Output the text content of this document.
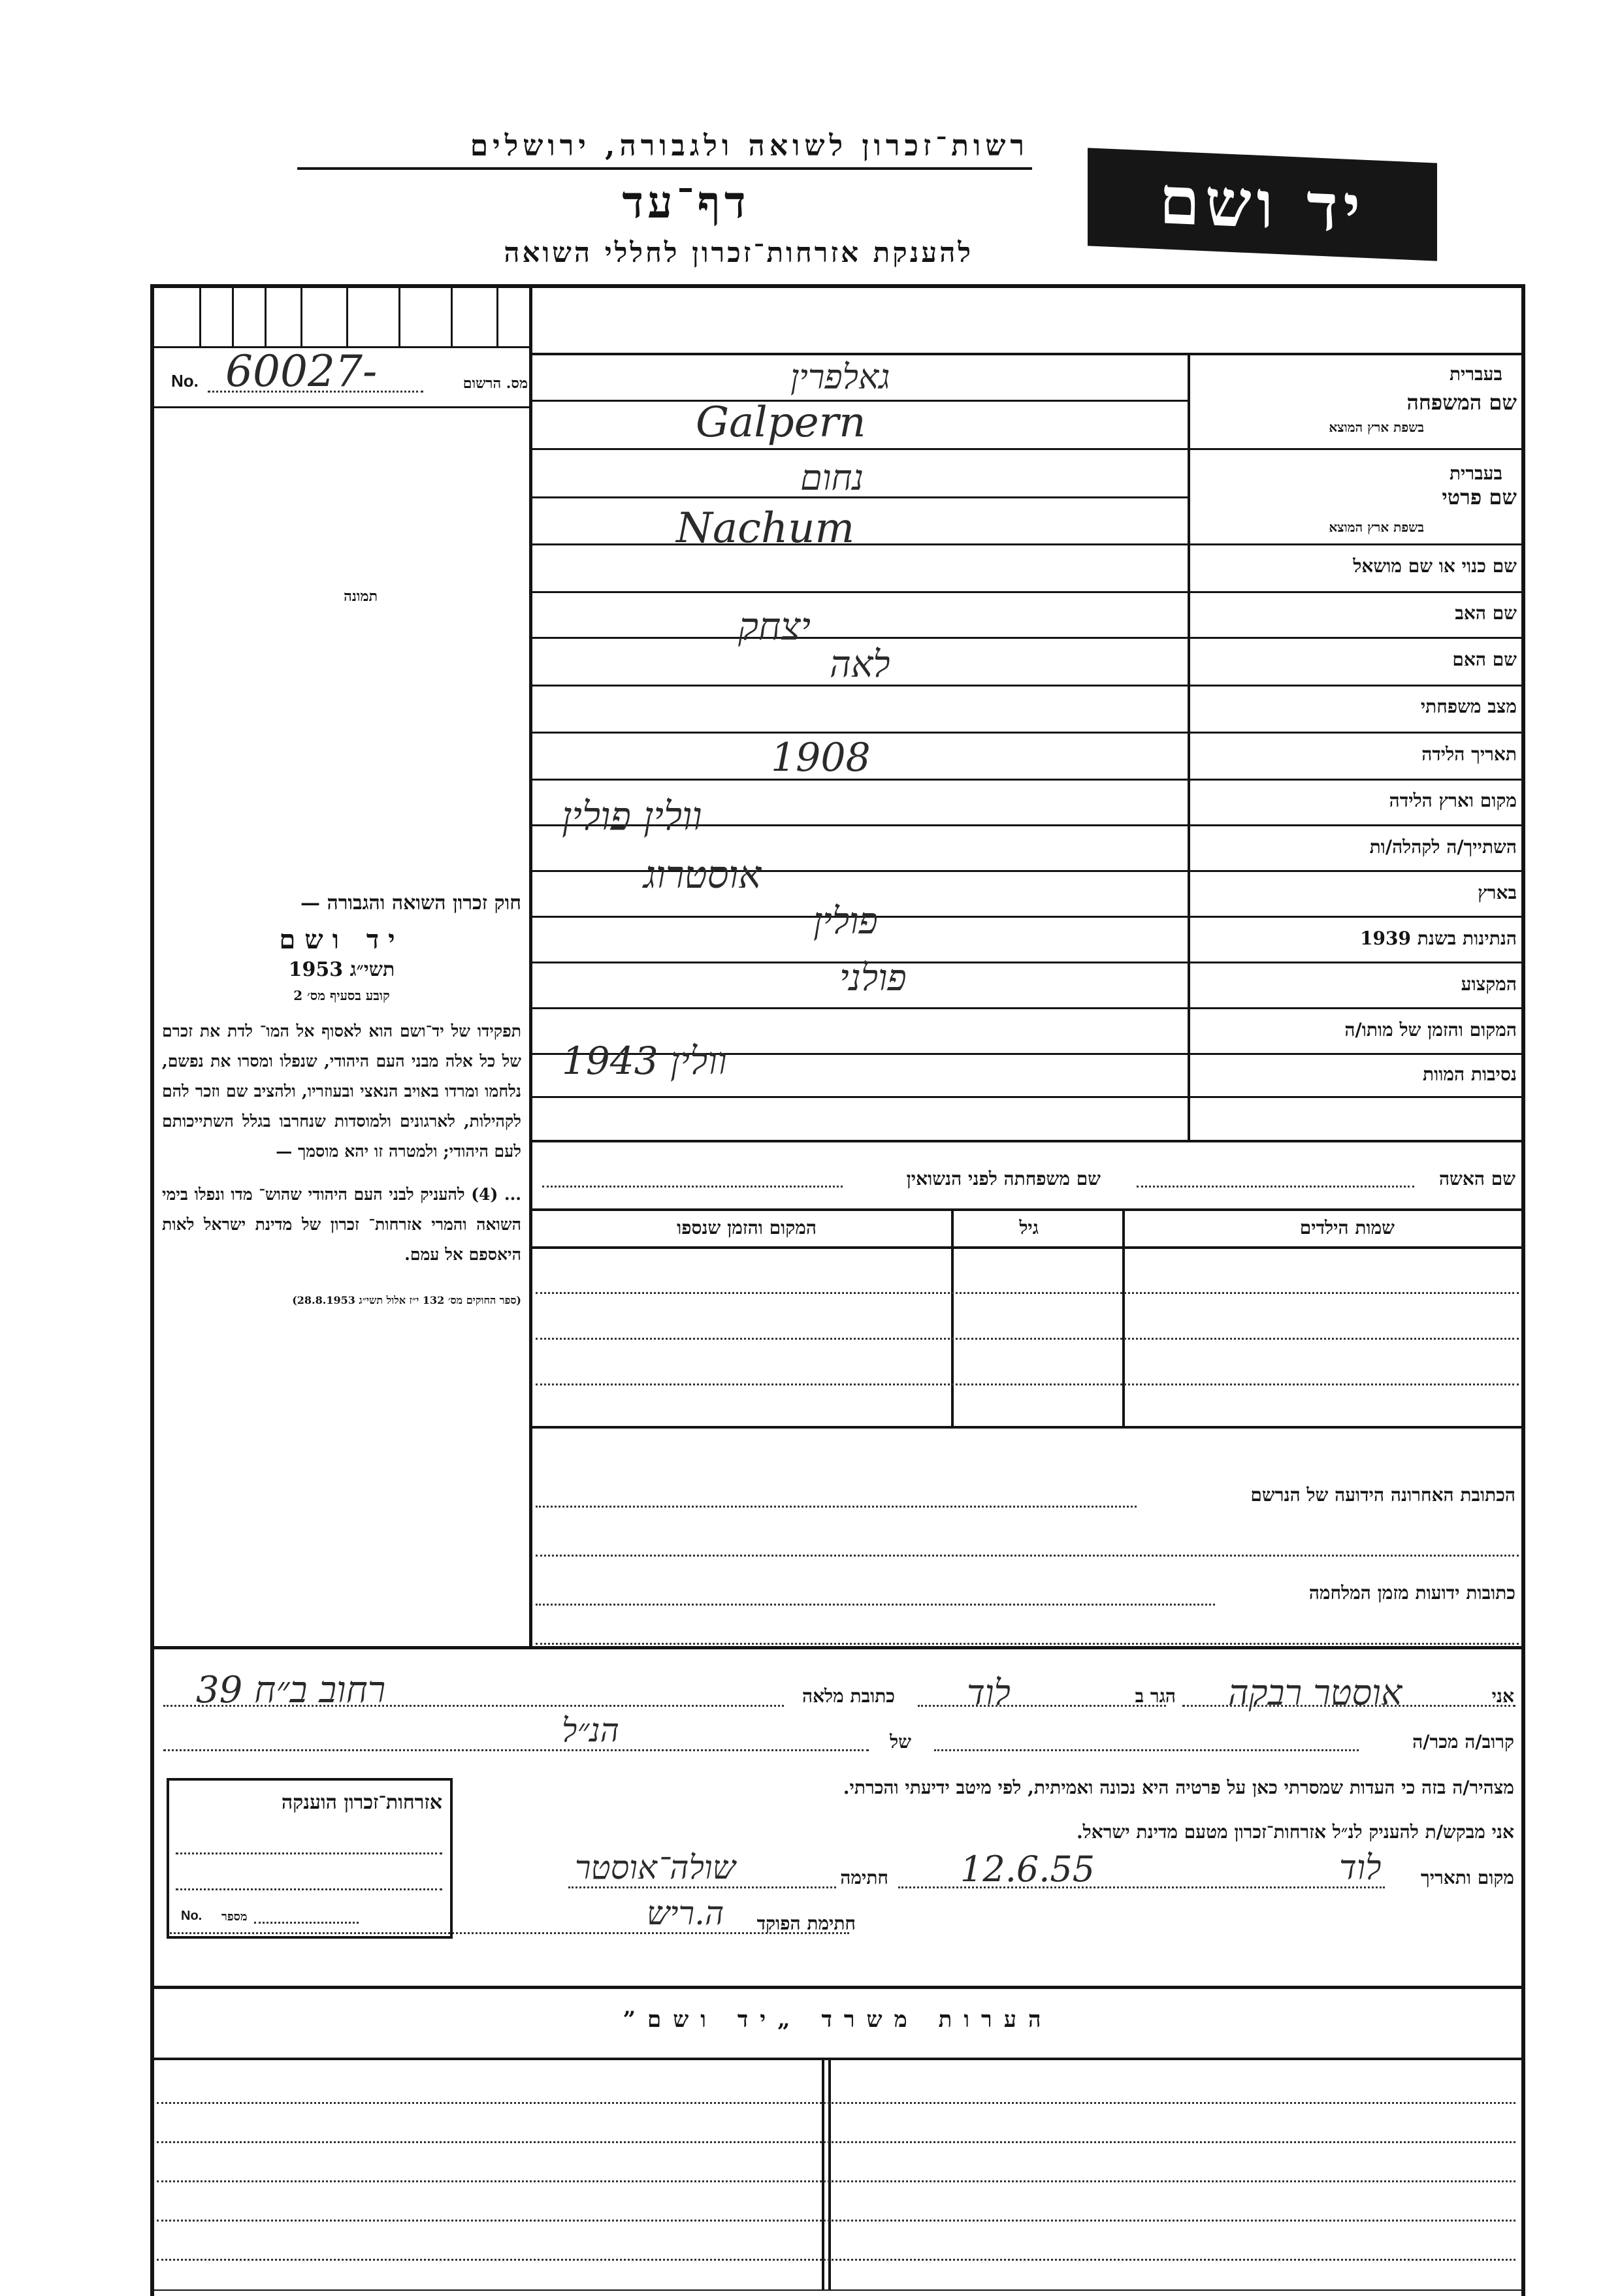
רשות־זכרון לשואה ולגבורה, ירושלים
דף־עד
להענקת אזרחות־זכרון לחללי השואה
יד ושם
No. 60027-	מס. הרשום
תמונה

חוק זכרון השואה והגבורה —

יד ושם

תשי״ג 1953

קובע בסעיף מס׳ 2

תפקידו של יד־ושם הוא לאסוף אל המו־ לדת את זכרם של כל אלה מבני העם היהודי, שנפלו ומסרו את נפשם, נלחמו ומרדו באויב הנאצי ובעוזריו, ולהציב שם וזכר להם לקהילות, לארגונים ולמוסדות שנחרבו בגלל השתייכותם לעם היהודי; ולמטרה זו יהא מוסמך —

... (4) להעניק לבני העם היהודי שהוש־ מדו ונפלו בימי השואה והמרי אזרחות־ זכרון של מדינת ישראל לאות היאספם אל עמם.

(ספר החוקים מס׳ 132 י״ז אלול תשי״ג 28.8.1953)

בעברית
שם המשפחה
בשפת ארץ המוצא
בעברית
שם פרטי
בשפת ארץ המוצא
שם כנוי או שם מושאל
שם האב
שם האם
מצב משפחתי
תאריך הלידה
מקום וארץ הלידה
השתייך/ה לקהלה/ות
בארץ
הנתינות בשנת 1939
המקצוע
המקום והזמן של מותו/ה
נסיבות המוות
גאלפרין
Galpern
נחום
Nachum
יצחק
לאה
1908
וולין פולין
אוסטרוג
פולין
פולני
וולין 1943
שם האשה
שם משפחתה לפני הנשואין
שמות הילדים
גיל
המקום והזמן שנספו
הכתובת האחרונה הידועה של הנרשם
כתובות ידועות מזמן המלחמה
אני
אוסטר רבקה
הגר ב
לוד
כתובת מלאה
רחוב ב״ח 39
קרוב/ה מכר/ה
של
הנ״ל
מצהיר/ה בזה כי העדות שמסרתי כאן על פרטיה היא נכונה ואמיתית, לפי מיטב ידיעתי והכרתי.
אני מבקש/ת להעניק לנ״ל אזרחות־זכרון מטעם מדינת ישראל.
מקום ותאריך
לוד
12.6.55
חתימה
שולה־אוסטר
חתימת הפוקד
ה.ריש
אזרחות־זכרון הוענקה
No. מספר
הערות משרד „יד ושם”
